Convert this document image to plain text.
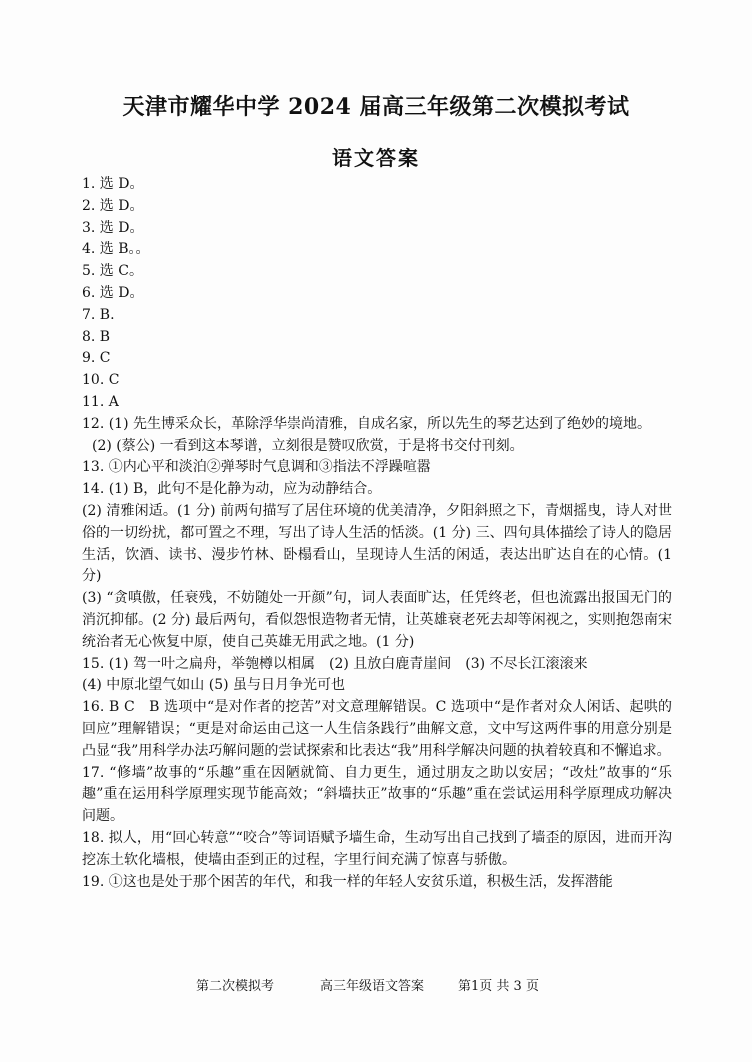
天津市耀华中学 2024 届高三年级第二次模拟考试
语文答案

1. 选 D。

2. 选 D。

3. 选 D。

4. 选 B。。

5. 选 C。

6. 选 D。

7. B.

8. B

9. C

10. C

11. A

12. (1) 先生博采众长，革除浮华崇尚清雅，自成名家，所以先生的琴艺达到了绝妙的境地。

(2) (蔡公) 一看到这本琴谱，立刻很是赞叹欣赏，于是将书交付刊刻。

13. ①内心平和淡泊②弹琴时气息调和③指法不浮躁喧嚣

14. (1) B，此句不是化静为动，应为动静结合。

(2) 清雅闲适。(1 分) 前两句描写了居住环境的优美清净，夕阳斜照之下，青烟摇曳，诗人对世俗的一切纷扰，都可置之不理，写出了诗人生活的恬淡。(1 分) 三、四句具体描绘了诗人的隐居生活，饮酒、读书、漫步竹林、卧榻看山，呈现诗人生活的闲适，表达出旷达自在的心情。(1 分)

(3) “贪嗔傲，任衰残，不妨随处一开颜”句，词人表面旷达，任凭终老，但也流露出报国无门的消沉抑郁。(2 分) 最后两句，看似怨恨造物者无情，让英雄衰老死去却等闲视之，实则抱怨南宋统治者无心恢复中原，使自己英雄无用武之地。(1 分)

15. (1) 驾一叶之扁舟，举匏樽以相属　(2) 且放白鹿青崖间　(3) 不尽长江滚滚来

(4) 中原北望气如山 (5) 虽与日月争光可也

16. B C　B 选项中“是对作者的挖苦”对文意理解错误。C 选项中“是作者对众人闲话、起哄的回应”理解错误；“更是对命运由己这一人生信条践行”曲解文意，文中写这两件事的用意分别是凸显“我”用科学办法巧解问题的尝试探索和比表达“我”用科学解决问题的执着较真和不懈追求。

17. “修墙”故事的“乐趣”重在因陋就简、自力更生，通过朋友之助以安居；“改灶”故事的“乐趣”重在运用科学原理实现节能高效；“斜墙扶正”故事的“乐趣”重在尝试运用科学原理成功解决问题。

18. 拟人，用“回心转意”“咬合”等词语赋予墙生命，生动写出自己找到了墙歪的原因，进而开沟挖冻土软化墙根，使墙由歪到正的过程，字里行间充满了惊喜与骄傲。

19. ①这也是处于那个困苦的年代，和我一样的年轻人安贫乐道，积极生活，发挥潜能

第二次模拟考	高三年级语文答案	第1页 共 3 页
